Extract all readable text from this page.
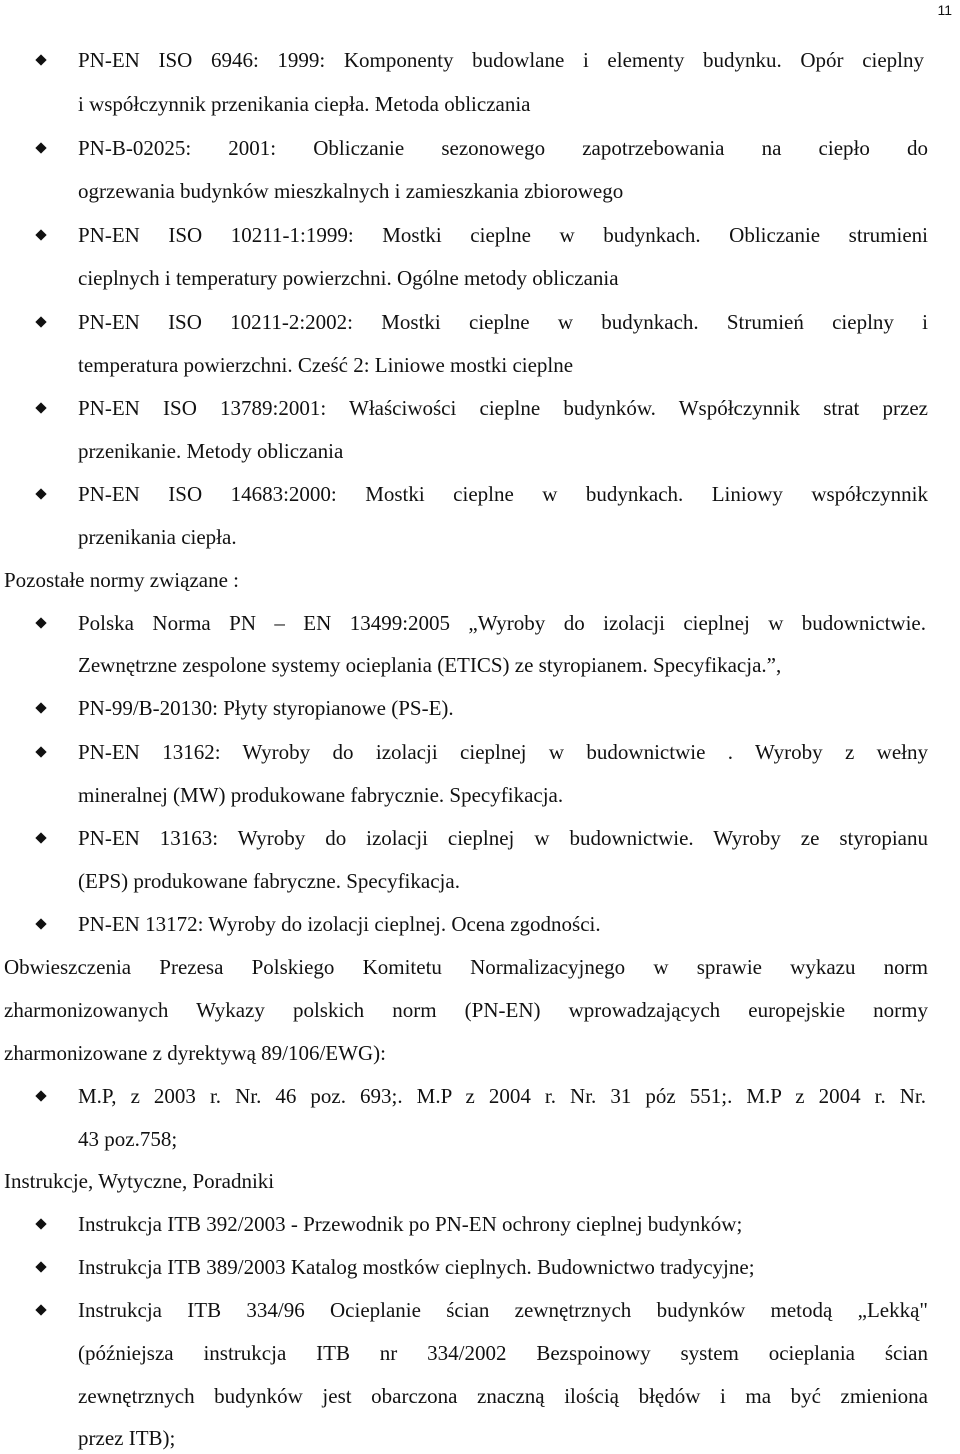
11
PN-EN ISO 6946: 1999: Komponenty budowlane i elementy budynku. Opór cieplny
i współczynnik przenikania ciepła. Metoda obliczania
PN-B-02025: 2001: Obliczanie sezonowego zapotrzebowania na ciepło do
ogrzewania budynków mieszkalnych i zamieszkania zbiorowego
PN-EN ISO 10211-1:1999: Mostki cieplne w budynkach. Obliczanie strumieni
cieplnych i temperatury powierzchni. Ogólne metody obliczania
PN-EN ISO 10211-2:2002: Mostki cieplne w budynkach. Strumień cieplny i
temperatura powierzchni. Cześć 2: Liniowe mostki cieplne
PN-EN ISO 13789:2001: Właściwości cieplne budynków. Współczynnik strat przez
przenikanie. Metody obliczania
PN-EN ISO 14683:2000: Mostki cieplne w budynkach. Liniowy współczynnik
przenikania ciepła.
Pozostałe normy związane :
Polska Norma PN – EN 13499:2005 „Wyroby do izolacji cieplnej w budownictwie.
Zewnętrzne zespolone systemy ocieplania (ETICS) ze styropianem. Specyfikacja.”,
PN-99/B-20130: Płyty styropianowe (PS-E).
PN-EN 13162: Wyroby do izolacji cieplnej w budownictwie . Wyroby z wełny
mineralnej (MW) produkowane fabrycznie. Specyfikacja.
PN-EN 13163: Wyroby do izolacji cieplnej w budownictwie. Wyroby ze styropianu
(EPS) produkowane fabryczne. Specyfikacja.
PN-EN 13172: Wyroby do izolacji cieplnej. Ocena zgodności.
Obwieszczenia Prezesa Polskiego Komitetu Normalizacyjnego w sprawie wykazu norm
zharmonizowanych Wykazy polskich norm (PN-EN) wprowadzających europejskie normy
zharmonizowane z dyrektywą 89/106/EWG):
M.P, z 2003 r. Nr. 46 poz. 693;. M.P z 2004 r. Nr. 31 póz 551;. M.P z 2004 r. Nr.
43 poz.758;
Instrukcje, Wytyczne, Poradniki
Instrukcja ITB 392/2003 - Przewodnik po PN-EN ochrony cieplnej budynków;
Instrukcja ITB 389/2003 Katalog mostków cieplnych. Budownictwo tradycyjne;
Instrukcja ITB 334/96 Ocieplanie ścian zewnętrznych budynków metodą „Lekką"
(późniejsza instrukcja ITB nr 334/2002 Bezspoinowy system ocieplania ścian
zewnętrznych budynków jest obarczona znaczną ilością błędów i ma być zmieniona
przez ITB);
